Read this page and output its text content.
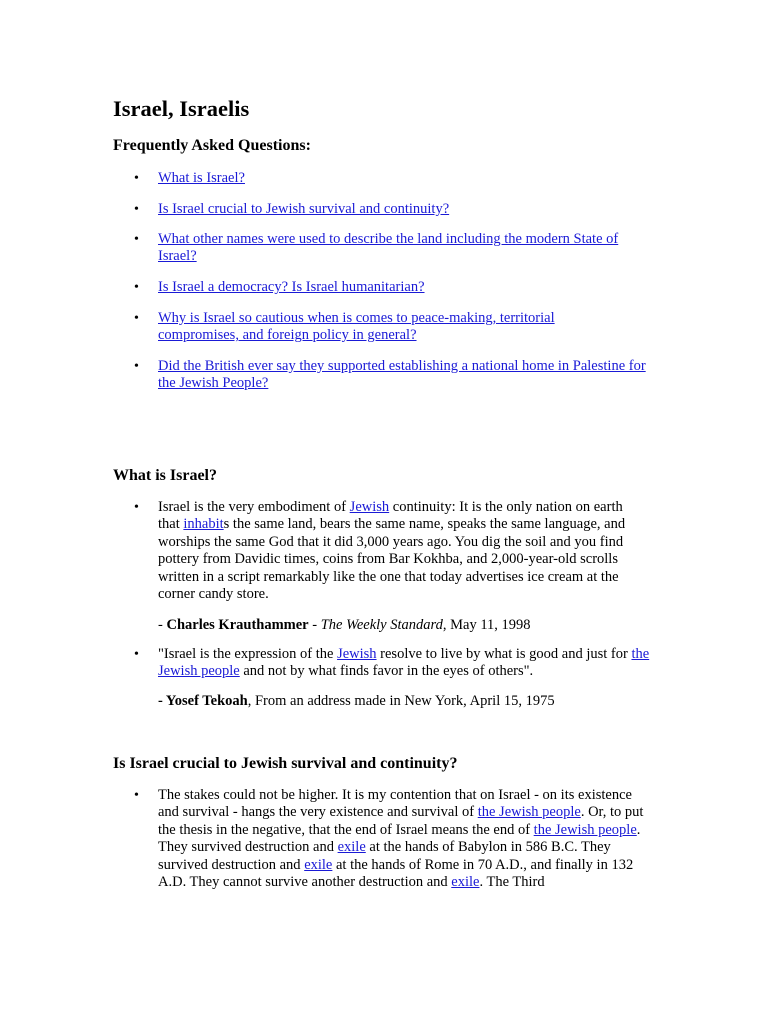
Israel, Israelis
Frequently Asked Questions:
• What is Israel?
• Is Israel crucial to Jewish survival and continuity?
• What other names were used to describe the land including the modern State of Israel?
• Is Israel a democracy? Is Israel humanitarian?
• Why is Israel so cautious when is comes to peace-making, territorial compromises, and foreign policy in general?
• Did the British ever say they supported establishing a national home in Palestine for the Jewish People?
What is Israel?
• Israel is the very embodiment of Jewish continuity: It is the only nation on earth that inhabits the same land, bears the same name, speaks the same language, and worships the same God that it did 3,000 years ago. You dig the soil and you find pottery from Davidic times, coins from Bar Kokhba, and 2,000-year-old scrolls written in a script remarkably like the one that today advertises ice cream at the corner candy store.
- Charles Krauthammer - The Weekly Standard, May 11, 1998
• "Israel is the expression of the Jewish resolve to live by what is good and just for the Jewish people and not by what finds favor in the eyes of others".
- Yosef Tekoah, From an address made in New York, April 15, 1975
Is Israel crucial to Jewish survival and continuity?
• The stakes could not be higher. It is my contention that on Israel - on its existence and survival - hangs the very existence and survival of the Jewish people. Or, to put the thesis in the negative, that the end of Israel means the end of the Jewish people. They survived destruction and exile at the hands of Babylon in 586 B.C. They survived destruction and exile at the hands of Rome in 70 A.D., and finally in 132 A.D. They cannot survive another destruction and exile. The Third
